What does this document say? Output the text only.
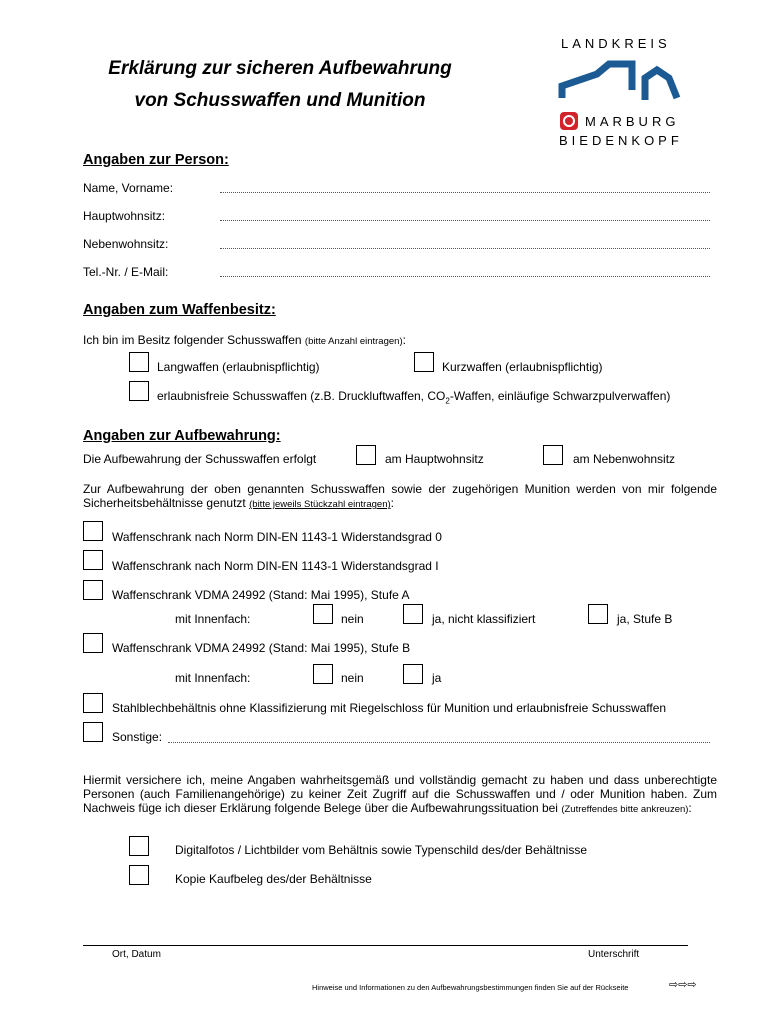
Erklärung zur sicheren Aufbewahrung
von Schusswaffen und Munition
LANDKREIS
MARBURG
BIEDENKOPF
Angaben zur Person:
Name, Vorname:
Hauptwohnsitz:
Nebenwohnsitz:
Tel.-Nr. / E-Mail:
Angaben zum Waffenbesitz:
Ich bin im Besitz folgender Schusswaffen (bitte Anzahl eintragen):
Langwaffen (erlaubnispflichtig)	Kurzwaffen (erlaubnispflichtig)
erlaubnisfreie Schusswaffen (z.B. Druckluftwaffen, $CO_2$-Waffen, einläufige Schwarzpulverwaffen)
Angaben zur Aufbewahrung:
Die Aufbewahrung der Schusswaffen erfolgt	am Hauptwohnsitz	am Nebenwohnsitz
Zur Aufbewahrung der oben genannten Schusswaffen sowie der zugehörigen Munition werden von mir folgende Sicherheitsbehältnisse genutzt (bitte jeweils Stückzahl eintragen):
Waffenschrank nach Norm DIN-EN 1143-1 Widerstandsgrad 0
Waffenschrank nach Norm DIN-EN 1143-1 Widerstandsgrad I
Waffenschrank VDMA 24992 (Stand: Mai 1995), Stufe A
mit Innenfach:	nein	ja, nicht klassifiziert	ja, Stufe B
Waffenschrank VDMA 24992 (Stand: Mai 1995), Stufe B
mit Innenfach:	nein	ja
Stahlblechbehältnis ohne Klassifizierung mit Riegelschloss für Munition und erlaubnisfreie Schusswaffen
Sonstige:
Hiermit versichere ich, meine Angaben wahrheitsgemäß und vollständig gemacht zu haben und dass unberechtigte Personen (auch Familienangehörige) zu keiner Zeit Zugriff auf die Schusswaffen und / oder Munition haben. Zum Nachweis füge ich dieser Erklärung folgende Belege über die Aufbewahrungssituation bei (Zutreffendes bitte ankreuzen):
Digitalfotos / Lichtbilder vom Behältnis sowie Typenschild des/der Behältnisse
Kopie Kaufbeleg des/der Behältnisse
Ort, Datum	Unterschrift
Hinweise und Informationen zu den Aufbewahrungsbestimmungen finden Sie auf der Rückseite	⇨⇨⇨
